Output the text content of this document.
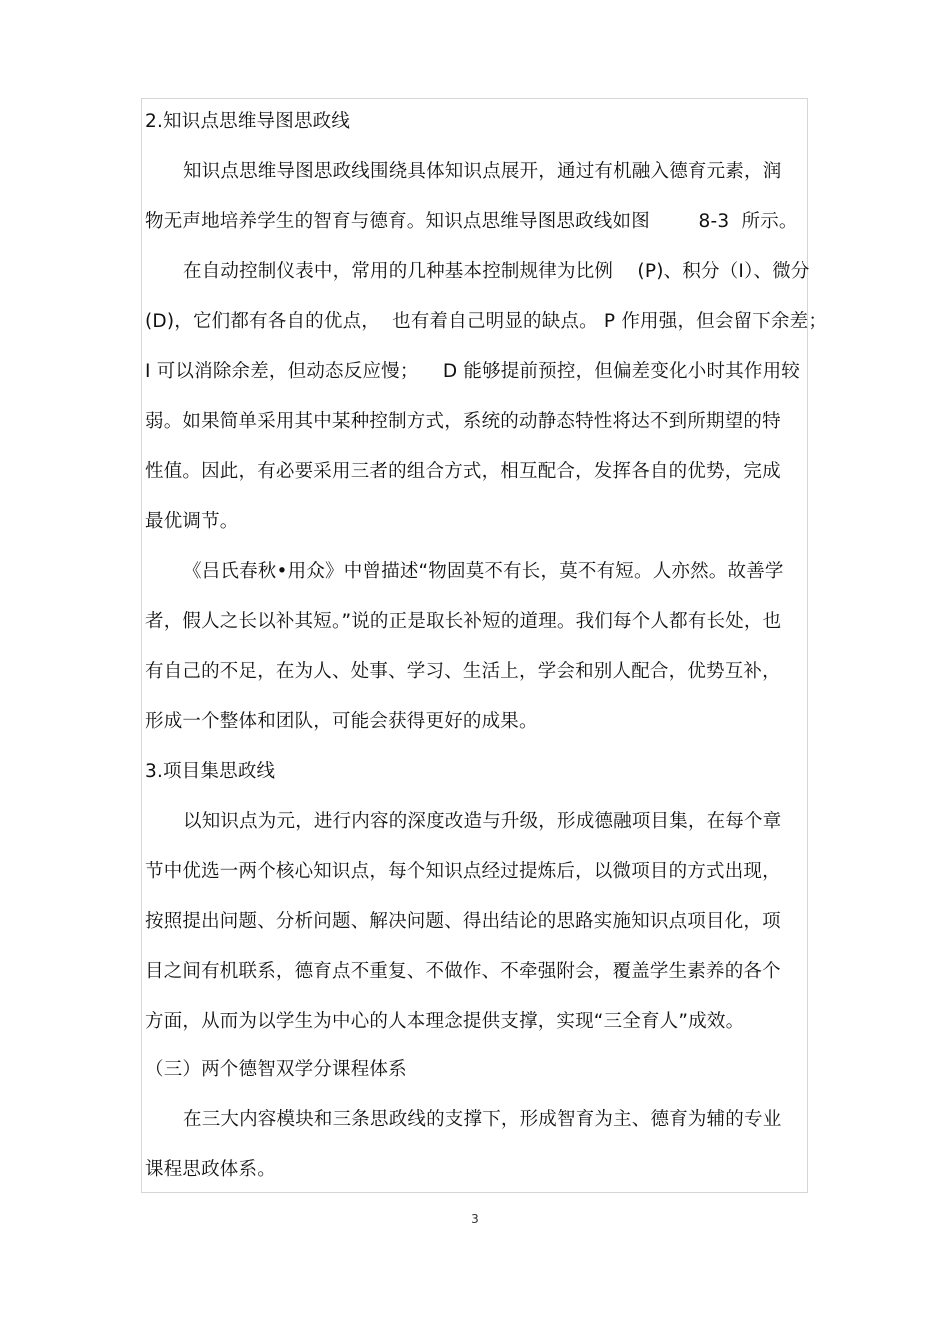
2.知识点思维导图思政线
知识点思维导图思政线围绕具体知识点展开，通过有机融入德育元素，润
物无声地培养学生的智育与德育。知识点思维导图思政线如图        8-3  所示。
在自动控制仪表中，常用的几种基本控制规律为比例    (P)、积分（I）、微分
(D)，它们都有各自的优点，  也有着自己明显的缺点。 P 作用强，但会留下余差；
I 可以消除余差，但动态反应慢；    D 能够提前预控，但偏差变化小时其作用较
弱。如果简单采用其中某种控制方式，系统的动静态特性将达不到所期望的特
性值。因此，有必要采用三者的组合方式，相互配合，发挥各自的优势，完成
最优调节。
《吕氏春秋•用众》中曾描述“物固莫不有长，莫不有短。人亦然。故善学
者，假人之长以补其短。”说的正是取长补短的道理。我们每个人都有长处，也
有自己的不足，在为人、处事、学习、生活上，学会和别人配合，优势互补，
形成一个整体和团队，可能会获得更好的成果。
3.项目集思政线
以知识点为元，进行内容的深度改造与升级，形成德融项目集，在每个章
节中优选一两个核心知识点，每个知识点经过提炼后，以微项目的方式出现，
按照提出问题、分析问题、解决问题、得出结论的思路实施知识点项目化，项
目之间有机联系，德育点不重复、不做作、不牵强附会，覆盖学生素养的各个
方面，从而为以学生为中心的人本理念提供支撑，实现“三全育人”成效。
（三）两个德智双学分课程体系
在三大内容模块和三条思政线的支撑下，形成智育为主、德育为辅的专业
课程思政体系。
3
